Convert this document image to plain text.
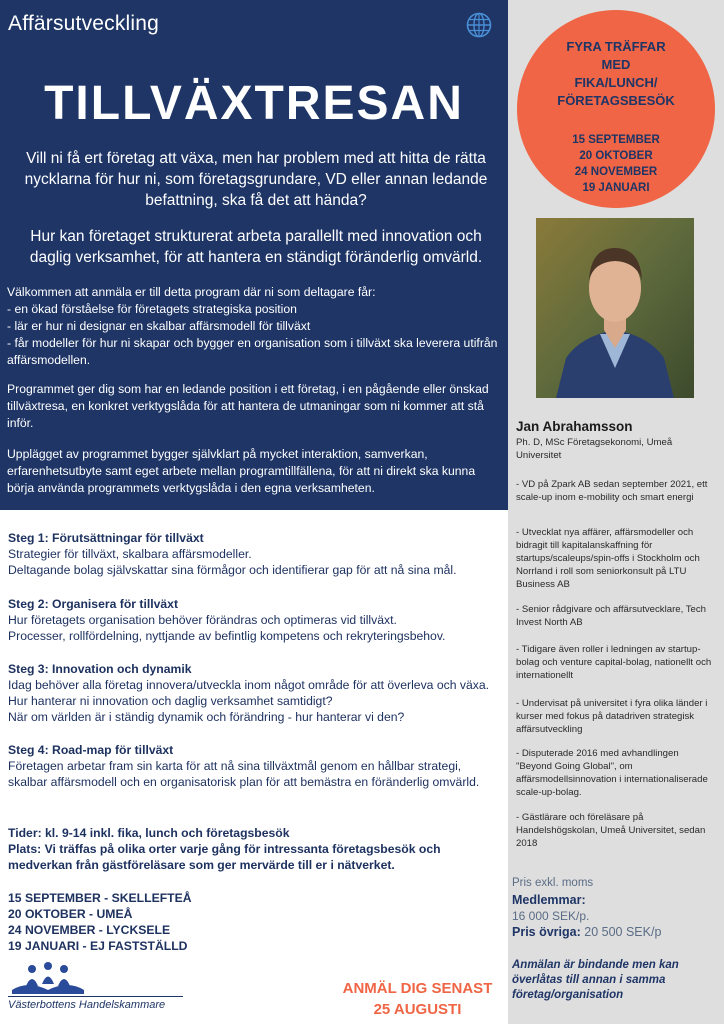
Affärsutveckling
TILLVÄXTRESAN

Vill ni få ert företag att växa, men har problem med att hitta de rätta nycklarna för hur ni, som företagsgrundare, VD eller annan ledande befattning, ska få det att hända?

Hur kan företaget strukturerat arbeta parallellt med innovation och daglig verksamhet, för att hantera en ständigt föränderlig omvärld.

Välkommen att anmäla er till detta program där ni som deltagare får:
- en ökad förståelse för företagets strategiska position
- lär er hur ni designar en skalbar affärsmodell för tillväxt
- får modeller för hur ni skapar och bygger en organisation som i tillväxt ska leverera utifrån affärsmodellen.

Programmet ger dig som har en ledande position i ett företag, i en pågående eller önskad tillväxtresa, en konkret verktygslåda för att hantera de utmaningar som ni kommer att stå inför.

Upplägget av programmet bygger självklart på mycket interaktion, samverkan, erfarenhetsutbyte samt eget arbete mellan programtillfällena, för att ni direkt ska kunna börja använda programmets verktygslåda i den egna verksamheten.

FYRA TRÄFFAR
MED
FIKA/LUNCH/
FÖRETAGSBESÖK
15 SEPTEMBER
20 OKTOBER
24 NOVEMBER
19 JANUARI
Jan Abrahamsson
Ph. D, MSc Företagsekonomi, Umeå Universitet
- VD på Zpark AB sedan september 2021, ett scale-up inom e-mobility och smart energi
- Utvecklat nya affärer, affärsmodeller och bidragit till kapitalanskaffning för startups/scaleups/spin-offs i Stockholm och Norrland i roll som seniorkonsult på LTU Business AB
- Senior rådgivare och affärsutvecklare, Tech Invest North AB
- Tidigare även roller i ledningen av startup-bolag och venture capital-bolag, nationellt och internationellt
- Undervisat på universitet i fyra olika länder i kurser med fokus på datadriven strategisk affärsutveckling
- Disputerade 2016 med avhandlingen "Beyond Going Global", om affärsmodellsinnovation i internationaliserade scale-up-bolag.
- Gästlärare och föreläsare på Handelshögskolan, Umeå Universitet, sedan 2018
Pris exkl. moms
Medlemmar:
16 000 SEK/p.
Pris övriga: 20 500 SEK/p
Anmälan är bindande men kan överlåtas till annan i samma företag/organisation
Steg 1: Förutsättningar för tillväxt
Strategier för tillväxt, skalbara affärsmodeller.
Deltagande bolag självskattar sina förmågor och identifierar gap för att nå sina mål.
Steg 2: Organisera för tillväxt
Hur företagets organisation behöver förändras och optimeras vid tillväxt.
Processer, rollfördelning, nyttjande av befintlig kompetens och rekryteringsbehov.
Steg 3: Innovation och dynamik
Idag behöver alla företag innovera/utveckla inom något område för att överleva och växa. Hur hanterar ni innovation och daglig verksamhet samtidigt?
När om världen är i ständig dynamik och förändring - hur hanterar vi den?
Steg 4: Road-map för tillväxt
Företagen arbetar fram sin karta för att nå sina tillväxtmål genom en hållbar strategi, skalbar affärsmodell och en organisatorisk plan för att bemästra en föränderlig omvärld.
Tider: kl. 9-14 inkl. fika, lunch och företagsbesök
Plats: Vi träffas på olika orter varje gång för intressanta företagsbesök och medverkan från gästföreläsare som ger mervärde till er i nätverket.
15 SEPTEMBER - SKELLEFTEÅ
20 OKTOBER - UMEÅ
24 NOVEMBER - LYCKSELE
19 JANUARI - EJ FASTSTÄLLD
Västerbottens Handelskammare
ANMÄL DIG SENAST
25 AUGUSTI
